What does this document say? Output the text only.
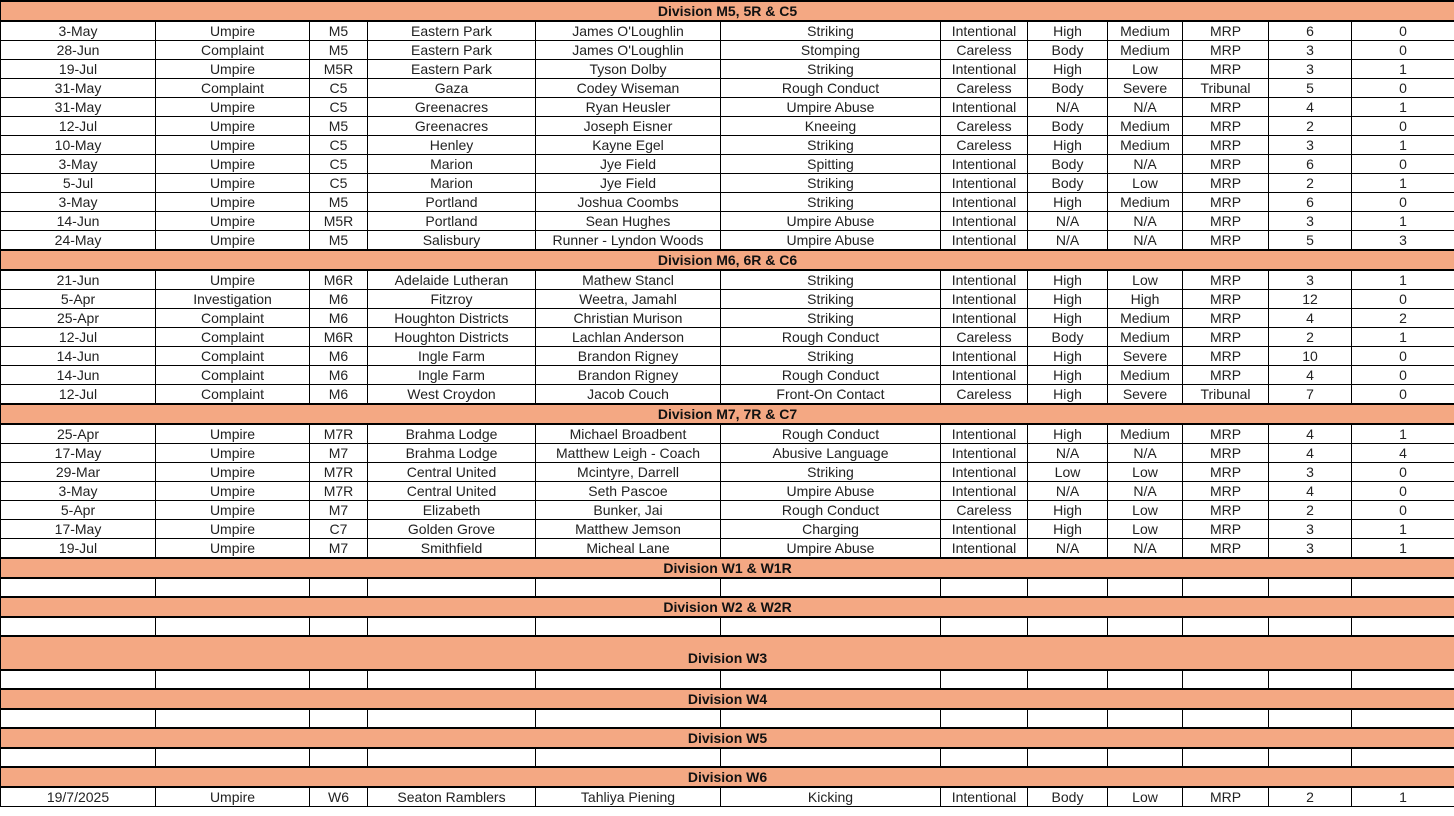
Division M5, 5R & C5											
3-May	Umpire	M5	Eastern Park	James O'Loughlin	Striking	Intentional	High	Medium	MRP	6	0
28-Jun	Complaint	M5	Eastern Park	James O'Loughlin	Stomping	Careless	Body	Medium	MRP	3	0
19-Jul	Umpire	M5R	Eastern Park	Tyson Dolby	Striking	Intentional	High	Low	MRP	3	1
31-May	Complaint	C5	Gaza	Codey Wiseman	Rough Conduct	Careless	Body	Severe	Tribunal	5	0
31-May	Umpire	C5	Greenacres	Ryan Heusler	Umpire Abuse	Intentional	N/A	N/A	MRP	4	1
12-Jul	Umpire	M5	Greenacres	Joseph Eisner	Kneeing	Careless	Body	Medium	MRP	2	0
10-May	Umpire	C5	Henley	Kayne Egel	Striking	Careless	High	Medium	MRP	3	1
3-May	Umpire	C5	Marion	Jye Field	Spitting	Intentional	Body	N/A	MRP	6	0
5-Jul	Umpire	C5	Marion	Jye Field	Striking	Intentional	Body	Low	MRP	2	1
3-May	Umpire	M5	Portland	Joshua Coombs	Striking	Intentional	High	Medium	MRP	6	0
14-Jun	Umpire	M5R	Portland	Sean Hughes	Umpire Abuse	Intentional	N/A	N/A	MRP	3	1
24-May	Umpire	M5	Salisbury	Runner - Lyndon Woods	Umpire Abuse	Intentional	N/A	N/A	MRP	5	3
Division M6, 6R & C6											
21-Jun	Umpire	M6R	Adelaide Lutheran	Mathew Stancl	Striking	Intentional	High	Low	MRP	3	1
5-Apr	Investigation	M6	Fitzroy	Weetra, Jamahl	Striking	Intentional	High	High	MRP	12	0
25-Apr	Complaint	M6	Houghton Districts	Christian Murison	Striking	Intentional	High	Medium	MRP	4	2
12-Jul	Complaint	M6R	Houghton Districts	Lachlan Anderson	Rough Conduct	Careless	Body	Medium	MRP	2	1
14-Jun	Complaint	M6	Ingle Farm	Brandon Rigney	Striking	Intentional	High	Severe	MRP	10	0
14-Jun	Complaint	M6	Ingle Farm	Brandon Rigney	Rough Conduct	Intentional	High	Medium	MRP	4	0
12-Jul	Complaint	M6	West Croydon	Jacob Couch	Front-On Contact	Careless	High	Severe	Tribunal	7	0
Division M7, 7R & C7											
25-Apr	Umpire	M7R	Brahma Lodge	Michael Broadbent	Rough Conduct	Intentional	High	Medium	MRP	4	1
17-May	Umpire	M7	Brahma Lodge	Matthew Leigh - Coach	Abusive Language	Intentional	N/A	N/A	MRP	4	4
29-Mar	Umpire	M7R	Central United	Mcintyre, Darrell	Striking	Intentional	Low	Low	MRP	3	0
3-May	Umpire	M7R	Central United	Seth Pascoe	Umpire Abuse	Intentional	N/A	N/A	MRP	4	0
5-Apr	Umpire	M7	Elizabeth	Bunker, Jai	Rough Conduct	Careless	High	Low	MRP	2	0
17-May	Umpire	C7	Golden Grove	Matthew Jemson	Charging	Intentional	High	Low	MRP	3	1
19-Jul	Umpire	M7	Smithfield	Micheal Lane	Umpire Abuse	Intentional	N/A	N/A	MRP	3	1
Division W1 & W1R											

Division W2 & W2R											

Division W3											

Division W4											

Division W5											

Division W6											
19/7/2025	Umpire	W6	Seaton Ramblers	Tahliya Piening	Kicking	Intentional	Body	Low	MRP	2	1
